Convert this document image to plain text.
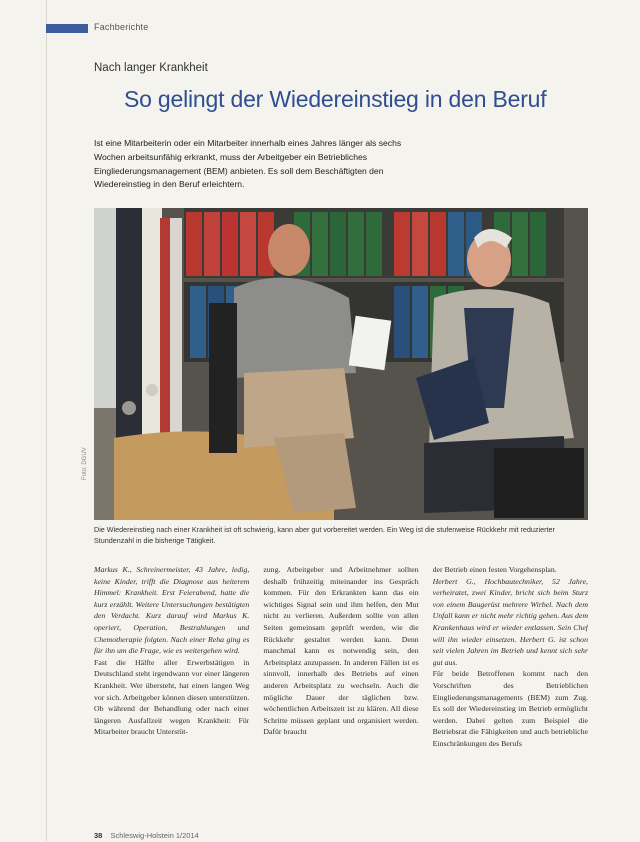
Fachberichte
Nach langer Krankheit
So gelingt der Wiedereinstieg in den Beruf
Ist eine Mitarbeiterin oder ein Mitarbeiter innerhalb eines Jahres länger als sechs Wochen arbeitsunfähig erkrankt, muss der Arbeitgeber ein Betriebliches Eingliederungsmanagement (BEM) anbieten. Es soll dem Beschäftigten den Wiedereinstieg in den Beruf erleichtern.
Foto: DGUV
Die Wiedereinstieg nach einer Krankheit ist oft schwierig, kann aber gut vorbereitet werden. Ein Weg ist die stufenweise Rückkehr mit reduzierter Stundenzahl in die bisherige Tätigkeit.

Markus K., Schreinermeister, 43 Jahre, ledig, keine Kinder, trifft die Diagnose aus heiterem Himmel: Krankheit. Erst Feierabend, hatte die kurz erzählt. Weitere Untersuchungen bestätigten den Verdacht. Kurz darauf wird Markus K. operiert, Operation, Bestrahlungen und Chemotherapie folgten. Nach einer Reha ging es für ihn um die Frage, wie es weitergehen wird.

Fast die Hälfte aller Erwerbstätigen in Deutschland steht irgendwann vor einer längeren Krankheit. Wer übersteht, hat einen langen Weg vor sich. Arbeitgeber können diesen unterstützen. Ob während der Behandlung oder nach einer längeren Ausfallzeit wegen Krankheit: Für Mitarbeiter braucht Unterstüt-

zung. Arbeitgeber und Arbeitnehmer sollten deshalb frühzeitig miteinander ins Gespräch kommen. Für den Erkrankten kann das ein wichtiges Signal sein und ihm helfen, den Mut nicht zu verlieren. Außerdem sollte von allen Seiten gemeinsam geprüft werden, wie die Rückkehr gestaltet werden kann. Denn manchmal kann es notwendig sein, den Arbeitsplatz anzupassen. In anderen Fällen ist es sinnvoll, innerhalb des Betriebs auf einen anderen Arbeitsplatz zu wechseln. Auch die mögliche Dauer der täglichen bzw. wöchentlichen Arbeitszeit ist zu klären. All diese Schritte müssen geplant und organisiert werden. Dafür braucht

der Betrieb einen festen Vorgehensplan.

Herbert G., Hochbautechniker, 52 Jahre, verheiratet, zwei Kinder, bricht sich beim Sturz von einem Baugerüst mehrere Wirbel. Nach dem Unfall kann er nicht mehr richtig gehen. Aus dem Krankenhaus wird er wieder entlassen. Sein Chef will ihn wieder einsetzen. Herbert G. ist schon seit vielen Jahren im Betrieb und kennt sich sehr gut aus.

Für beide Betroffenen kommt nach den Vorschriften des Betrieblichen Eingliederungsmanagements (BEM) zum Zug. Es soll der Wiedereinstieg im Betrieb ermöglicht werden. Dabei gelten zum Beispiel die Betriebsrat die Fähigkeiten und auch betriebliche Einschränkungen des Berufs

38 Schleswig-Holstein 1/2014
